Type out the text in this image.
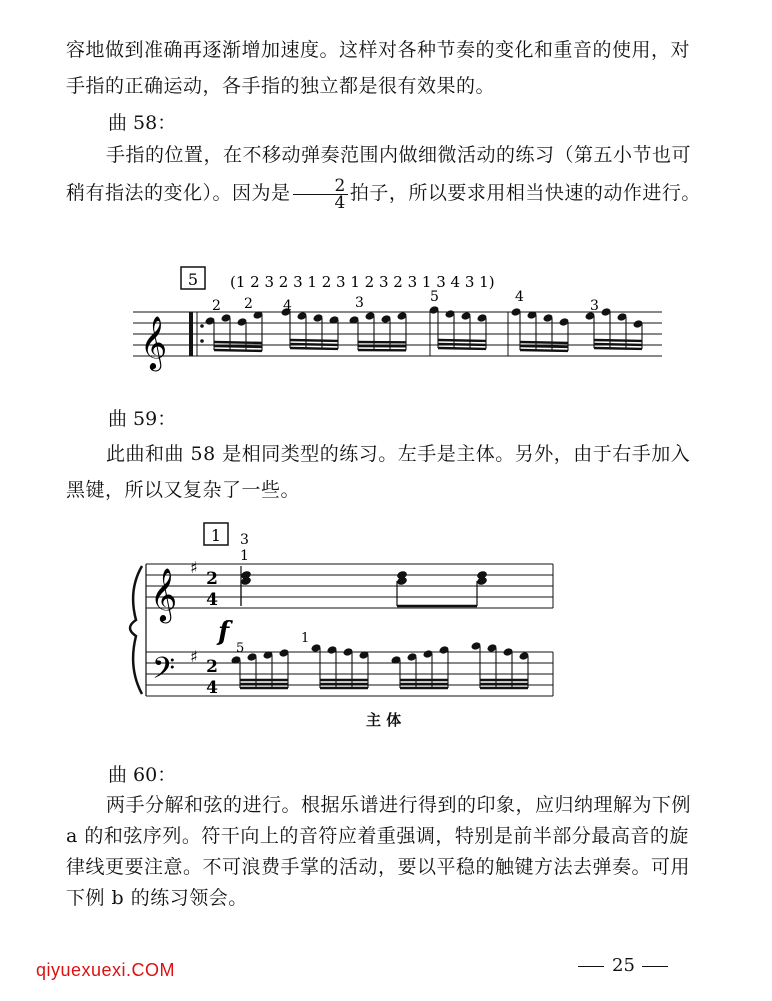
容地做到准确再逐渐增加速度。这样对各种节奏的变化和重音的使用，对手指的正确运动，各手指的独立都是很有效果的。

曲 58：

手指的位置，在不移动弹奏范围内做细微活动的练习（第五小节也可稍有指法的变化）。因为是 $\frac{2}{4}$ 拍子，所以要求用相当快速的动作进行。

5 (1 2 3 2 3 1 2 3 1 2 3 2 3 1 3 4 3 1)
𝄞
2 2 4	3	5	4
3

曲 59：

此曲和曲 58 是相同类型的练习。左手是主体。另外，由于右手加入黑键，所以又复杂了一些。

1 3
1
𝄞
𝄢
♯
♯
2
4
2
4
f
5
1
主 体

曲 60：

两手分解和弦的进行。根据乐谱进行得到的印象，应归纳理解为下例 a 的和弦序列。符干向上的音符应着重强调，特别是前半部分最高音的旋律线更要注意。不可浪费手掌的活动，要以平稳的触键方法去弹奏。可用下例 b 的练习领会。

qiyuexuexi.COM	25
